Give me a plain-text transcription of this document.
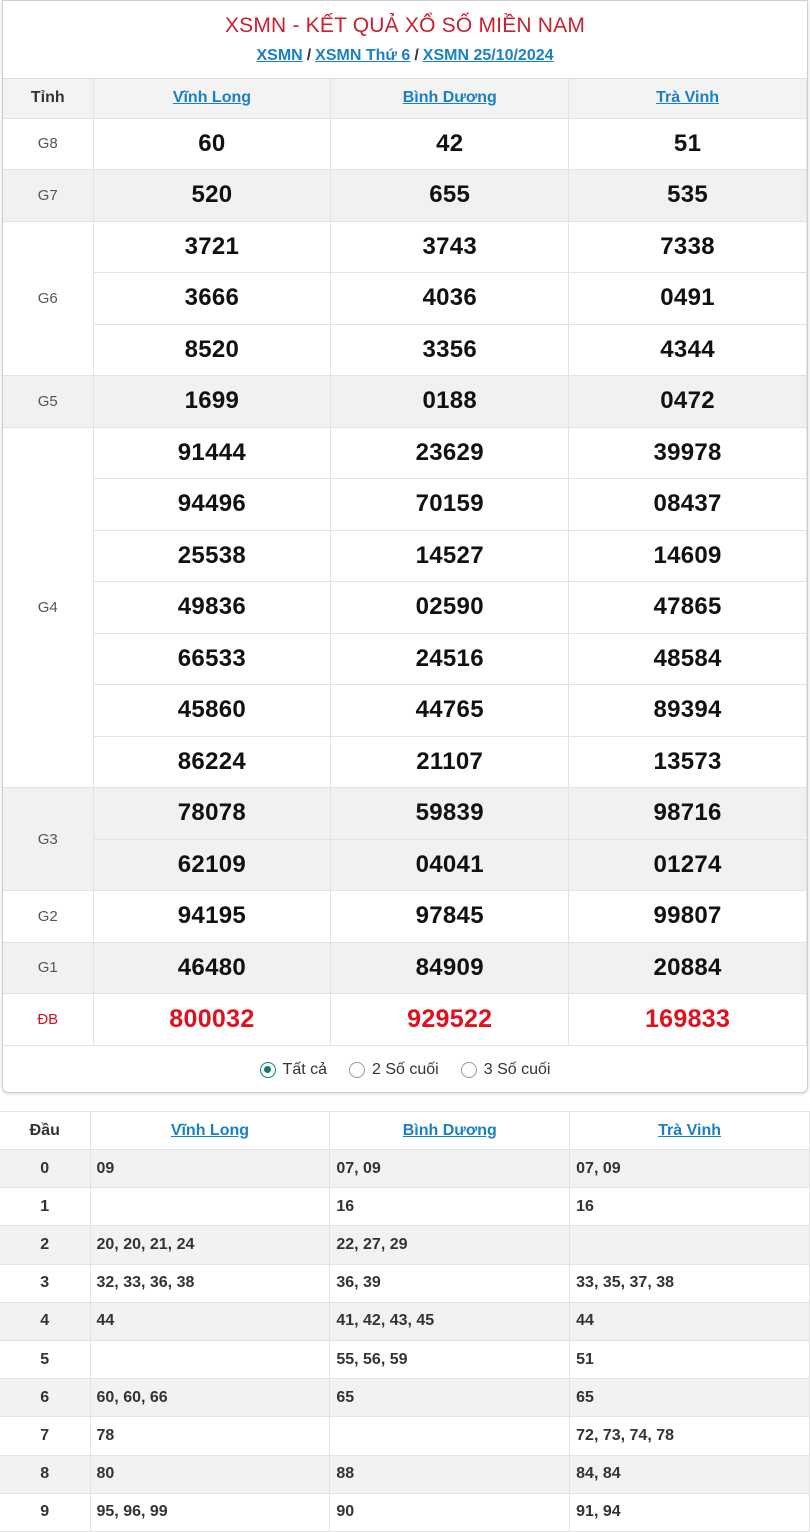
XSMN - KẾT QUẢ XỔ SỐ MIỀN NAM
XSMN / XSMN Thứ 6 / XSMN 25/10/2024
Tỉnh	Vĩnh Long	Bình Dương	Trà Vinh
G8	60	42	51
G7	520	655	535
G6	3721	3743	7338
	3666	4036	0491
	8520	3356	4344
G5	1699	0188	0472
G4	91444	23629	39978
	94496	70159	08437
	25538	14527	14609
	49836	02590	47865
	66533	24516	48584
	45860	44765	89394
	86224	21107	13573
G3	78078	59839	98716
	62109	04041	01274
G2	94195	97845	99807
G1	46480	84909	20884
ĐB	800032	929522	169833
Tất cả	2 Số cuối	3 Số cuối
Đầu	Vĩnh Long	Bình Dương	Trà Vinh
0	09	07, 09	07, 09
1		16	16
2	20, 20, 21, 24	22, 27, 29	
3	32, 33, 36, 38	36, 39	33, 35, 37, 38
4	44	41, 42, 43, 45	44
5		55, 56, 59	51
6	60, 60, 66	65	65
7	78		72, 73, 74, 78
8	80	88	84, 84
9	95, 96, 99	90	91, 94
